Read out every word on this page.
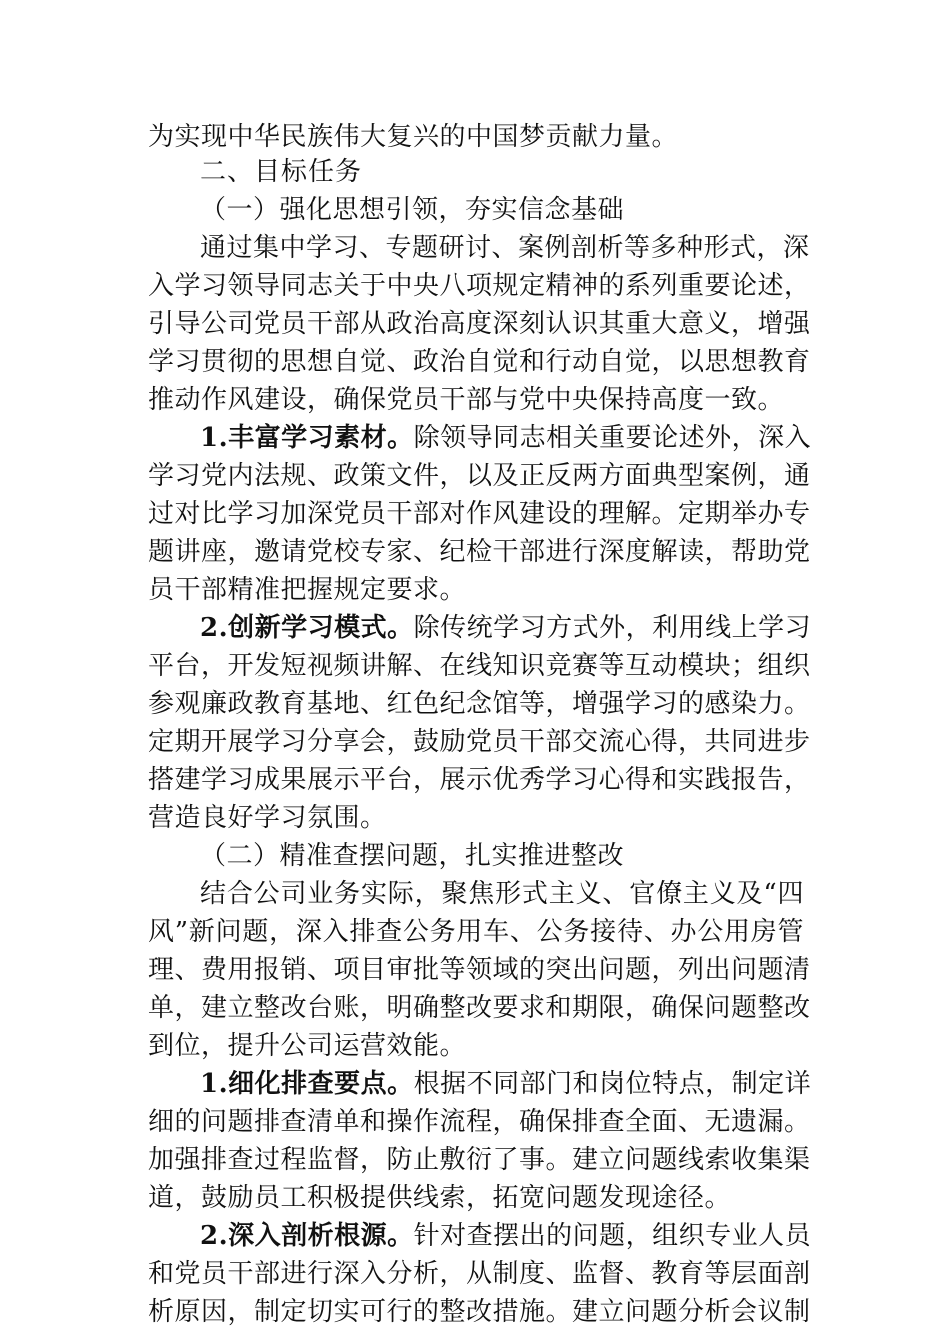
为实现中华民族伟大复兴的中国梦贡献力量。
二、目标任务
（一）强化思想引领，夯实信念基础
通过集中学习、专题研讨、案例剖析等多种形式，深
入学习领导同志关于中央八项规定精神的系列重要论述，
引导公司党员干部从政治高度深刻认识其重大意义，增强
学习贯彻的思想自觉、政治自觉和行动自觉，以思想教育
推动作风建设，确保党员干部与党中央保持高度一致。
1.丰富学习素材。除领导同志相关重要论述外，深入
学习党内法规、政策文件，以及正反两方面典型案例，通
过对比学习加深党员干部对作风建设的理解。定期举办专
题讲座，邀请党校专家、纪检干部进行深度解读，帮助党
员干部精准把握规定要求。
2.创新学习模式。除传统学习方式外，利用线上学习
平台，开发短视频讲解、在线知识竞赛等互动模块；组织
参观廉政教育基地、红色纪念馆等，增强学习的感染力。
定期开展学习分享会，鼓励党员干部交流心得，共同进步
搭建学习成果展示平台，展示优秀学习心得和实践报告，
营造良好学习氛围。
（二）精准查摆问题，扎实推进整改
结合公司业务实际，聚焦形式主义、官僚主义及“四
风”新问题，深入排查公务用车、公务接待、办公用房管
理、费用报销、项目审批等领域的突出问题，列出问题清
单，建立整改台账，明确整改要求和期限，确保问题整改
到位，提升公司运营效能。
1.细化排查要点。根据不同部门和岗位特点，制定详
细的问题排查清单和操作流程，确保排查全面、无遗漏。
加强排查过程监督，防止敷衍了事。建立问题线索收集渠
道，鼓励员工积极提供线索，拓宽问题发现途径。
2.深入剖析根源。针对查摆出的问题，组织专业人员
和党员干部进行深入分析，从制度、监督、教育等层面剖
析原因，制定切实可行的整改措施。建立问题分析会议制
